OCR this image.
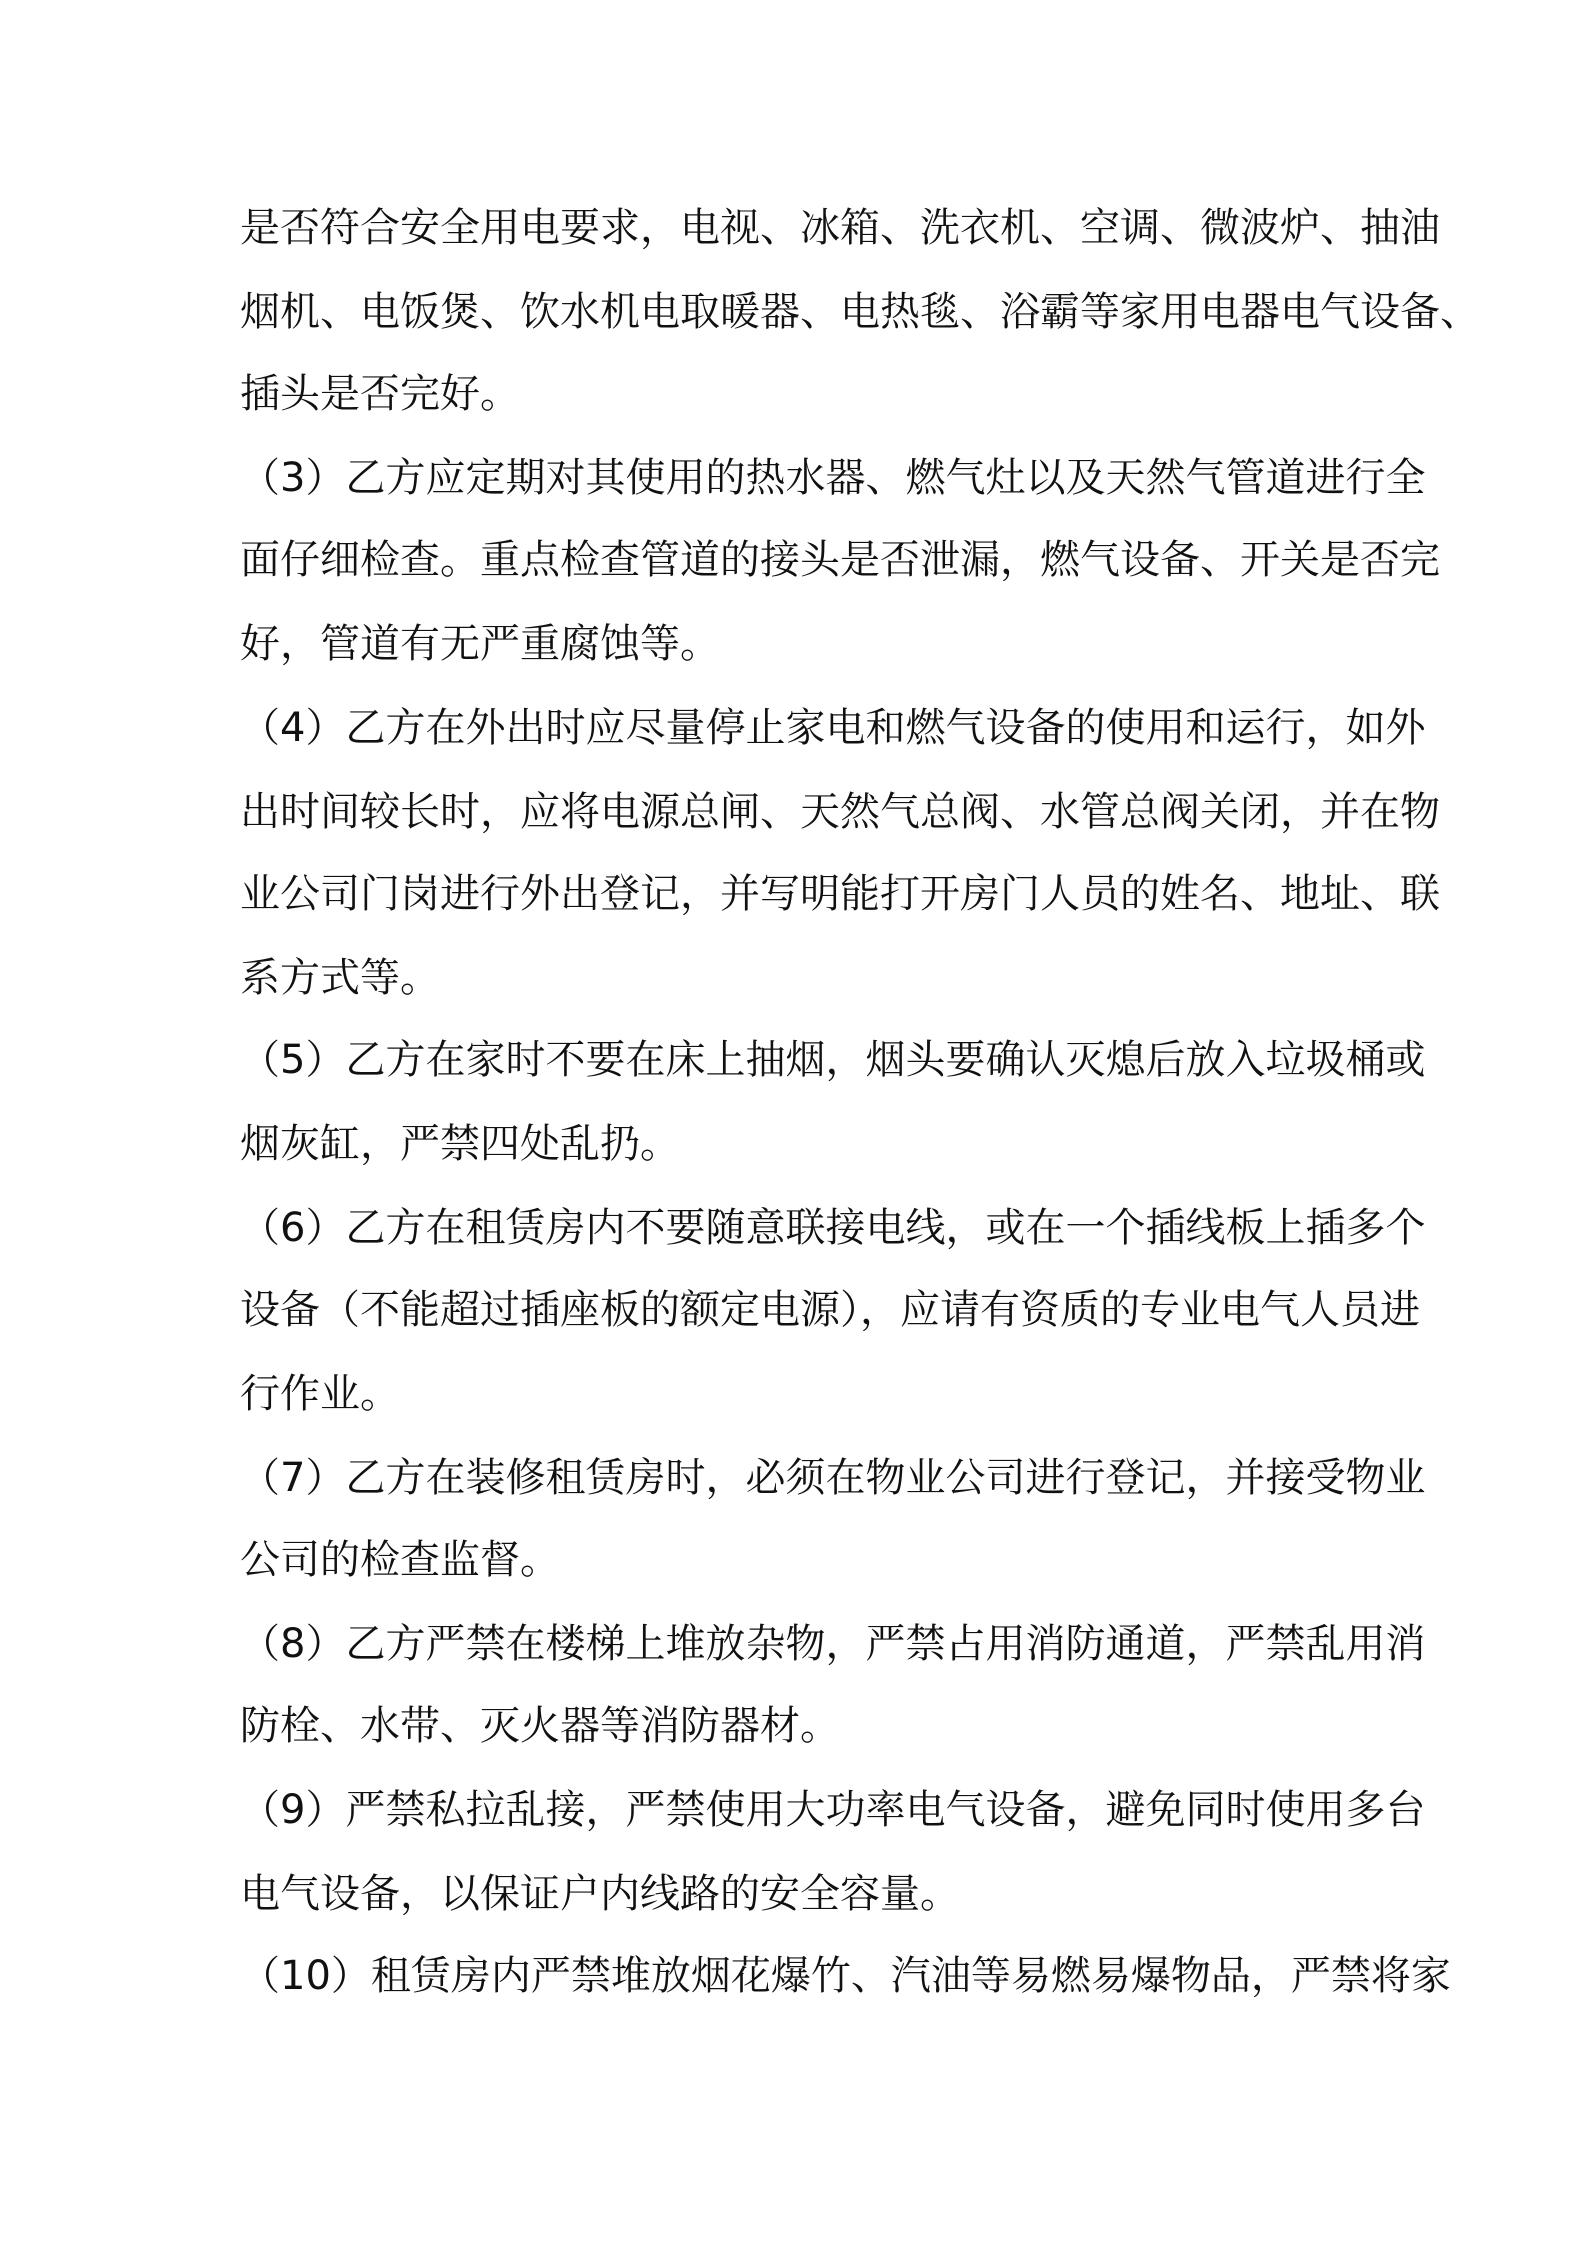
是否符合安全用电要求，电视、冰箱、洗衣机、空调、微波炉、抽油
烟机、电饭煲、饮水机电取暖器、电热毯、浴霸等家用电器电气设备、
插头是否完好。
（3）乙方应定期对其使用的热水器、燃气灶以及天然气管道进行全
面仔细检查。重点检查管道的接头是否泄漏，燃气设备、开关是否完
好，管道有无严重腐蚀等。
（4）乙方在外出时应尽量停止家电和燃气设备的使用和运行，如外
出时间较长时，应将电源总闸、天然气总阀、水管总阀关闭，并在物
业公司门岗进行外出登记，并写明能打开房门人员的姓名、地址、联
系方式等。
（5）乙方在家时不要在床上抽烟，烟头要确认灭熄后放入垃圾桶或
烟灰缸，严禁四处乱扔。
（6）乙方在租赁房内不要随意联接电线，或在一个插线板上插多个
设备（不能超过插座板的额定电源），应请有资质的专业电气人员进
行作业。
（7）乙方在装修租赁房时，必须在物业公司进行登记，并接受物业
公司的检查监督。
（8）乙方严禁在楼梯上堆放杂物，严禁占用消防通道，严禁乱用消
防栓、水带、灭火器等消防器材。
（9）严禁私拉乱接，严禁使用大功率电气设备，避免同时使用多台
电气设备，以保证户内线路的安全容量。
（10）租赁房内严禁堆放烟花爆竹、汽油等易燃易爆物品，严禁将家
